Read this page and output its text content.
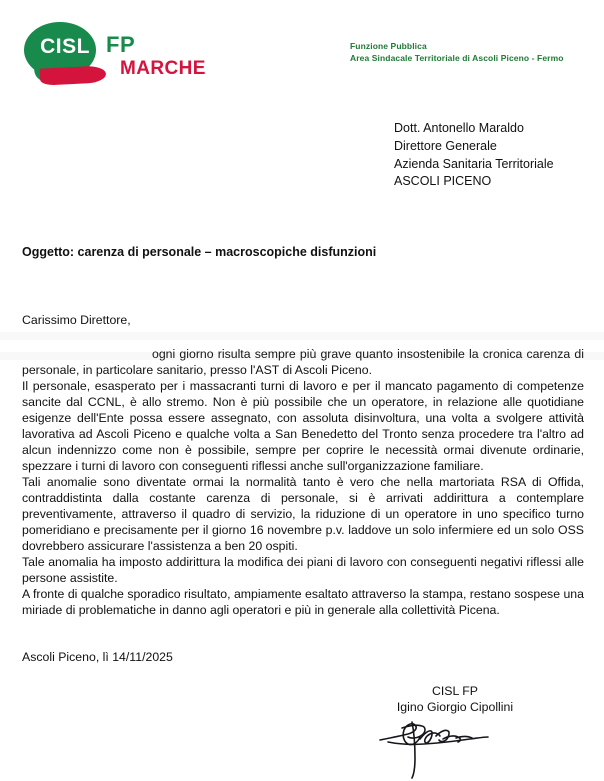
CISL FP
MARCHE
Funzione Pubblica
Area Sindacale Territoriale di Ascoli Piceno - Fermo
Dott. Antonello Maraldo
Direttore Generale
Azienda Sanitaria Territoriale
ASCOLI PICENO
Oggetto: carenza di personale – macroscopiche disfunzioni
Carissimo Direttore,

ogni giorno risulta sempre più grave quanto insostenibile la cronica carenza di personale, in particolare sanitario, presso l'AST di Ascoli Piceno.

Il personale, esasperato per i massacranti turni di lavoro e per il mancato pagamento di competenze sancite dal CCNL, è allo stremo. Non è più possibile che un operatore, in relazione alle quotidiane esigenze dell'Ente possa essere assegnato, con assoluta disinvoltura, una volta a svolgere attività lavorativa ad Ascoli Piceno e qualche volta a San Benedetto del Tronto senza procedere tra l'altro ad alcun indennizzo come non è possibile, sempre per coprire le necessità ormai divenute ordinarie, spezzare i turni di lavoro con conseguenti riflessi anche sull'organizzazione familiare.

Tali anomalie sono diventate ormai la normalità tanto è vero che nella martoriata RSA di Offida, contraddistinta dalla costante carenza di personale, si è arrivati addirittura a contemplare preventivamente, attraverso il quadro di servizio, la riduzione di un operatore in uno specifico turno pomeridiano e precisamente per il giorno 16 novembre p.v. laddove un solo infermiere ed un solo OSS dovrebbero assicurare l'assistenza a ben 20 ospiti.

Tale anomalia ha imposto addirittura la modifica dei piani di lavoro con conseguenti negativi riflessi alle persone assistite.

A fronte di qualche sporadico risultato, ampiamente esaltato attraverso la stampa, restano sospese una miriade di problematiche in danno agli operatori e più in generale alla collettività Picena.

Ascoli Piceno, lì 14/11/2025
CISL FP
Igino Giorgio Cipollini
